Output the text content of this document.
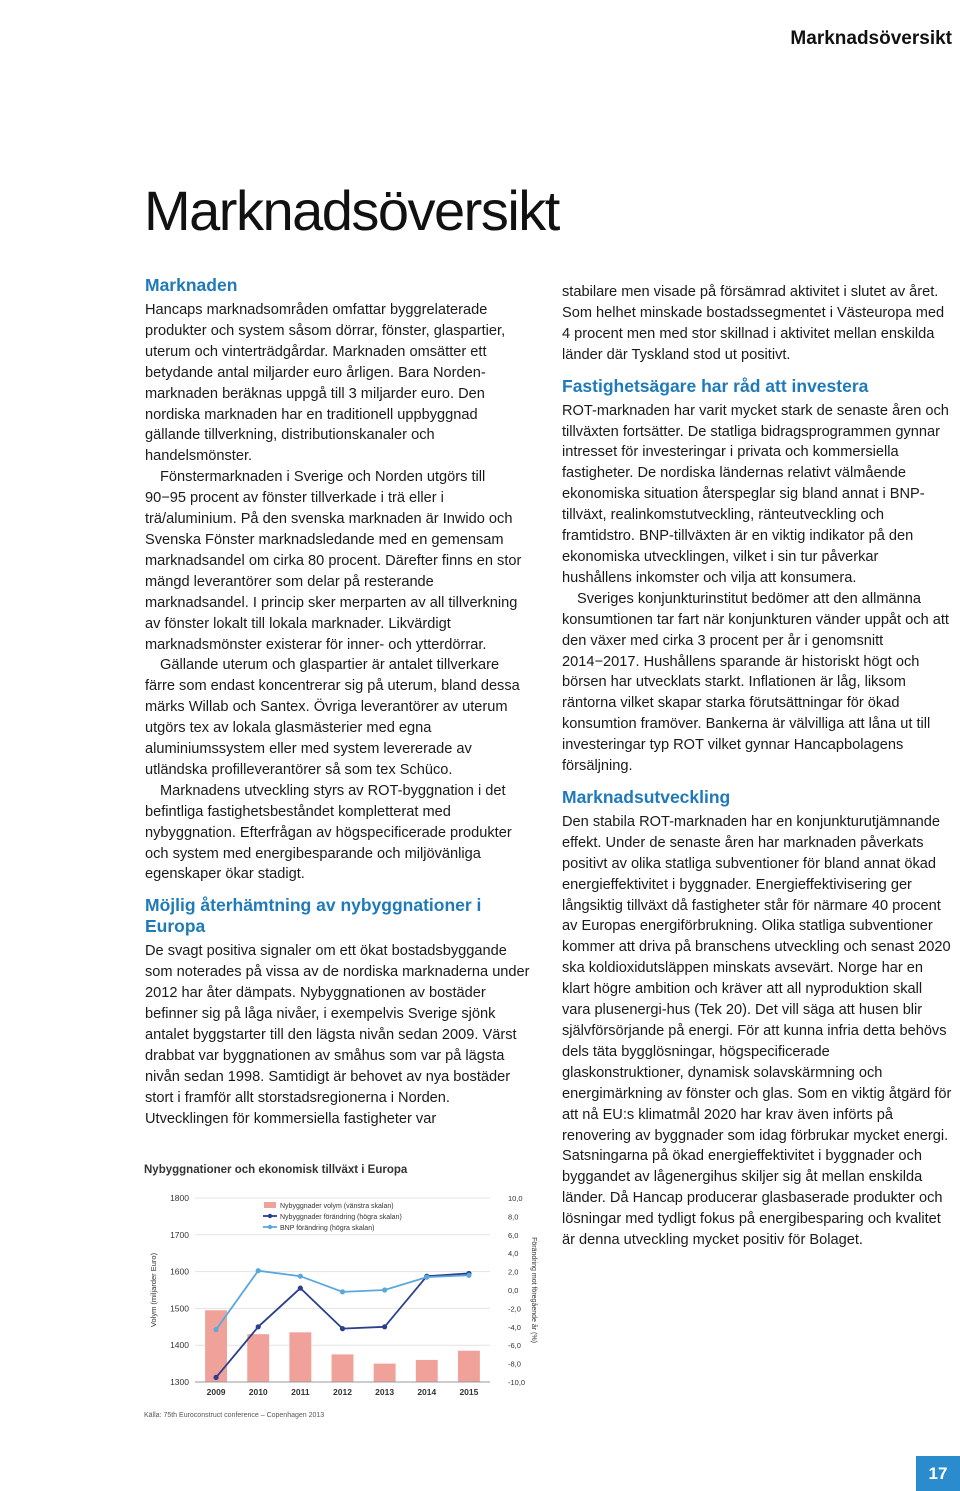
Marknadsöversikt
Marknadsöversikt
Marknaden

Hancaps marknadsområden omfattar byggrelaterade produkter och system såsom dörrar, fönster, glaspartier, uterum och vinterträdgårdar. Marknaden omsätter ett betydande antal miljarder euro årligen. Bara Norden-marknaden beräknas uppgå till 3 miljarder euro. Den nordiska marknaden har en traditionell uppbyggnad gällande tillverkning, distributionskanaler och handelsmönster.

Fönstermarknaden i Sverige och Norden utgörs till 90−95 procent av fönster tillverkade i trä eller i trä/aluminium. På den svenska marknaden är Inwido och Svenska Fönster marknadsledande med en gemensam marknadsandel om cirka 80 procent. Därefter finns en stor mängd leverantörer som delar på resterande marknadsandel. I princip sker merparten av all tillverkning av fönster lokalt till lokala marknader. Likvärdigt marknadsmönster existerar för inner- och ytterdörrar.

Gällande uterum och glaspartier är antalet tillverkare färre som endast koncentrerar sig på uterum, bland dessa märks Willab och Santex. Övriga leverantörer av uterum utgörs tex av lokala glasmästerier med egna aluminiumssystem eller med system levererade av utländska profilleverantörer så som tex Schüco.

Marknadens utveckling styrs av ROT-byggnation i det befintliga fastighetsbeståndet kompletterat med nybyggnation. Efterfrågan av högspecificerade produkter och system med energibesparande och miljövänliga egenskaper ökar stadigt.

Möjlig återhämtning av nybyggnationer i Europa

De svagt positiva signaler om ett ökat bostadsbyggande som noterades på vissa av de nordiska marknaderna under 2012 har åter dämpats. Nybyggnationen av bostäder befinner sig på låga nivåer, i exempelvis Sverige sjönk antalet byggstarter till den lägsta nivån sedan 2009. Värst drabbat var byggnationen av småhus som var på lägsta nivån sedan 1998. Samtidigt är behovet av nya bostäder stort i framför allt storstadsregionerna i Norden. Utvecklingen för kommersiella fastigheter var

stabilare men visade på försämrad aktivitet i slutet av året. Som helhet minskade bostadssegmentet i Västeuropa med 4 procent men med stor skillnad i aktivitet mellan enskilda länder där Tyskland stod ut positivt.

Fastighetsägare har råd att investera

ROT-marknaden har varit mycket stark de senaste åren och tillväxten fortsätter. De statliga bidragsprogrammen gynnar intresset för investeringar i privata och kommersiella fastigheter. De nordiska ländernas relativt välmående ekonomiska situation återspeglar sig bland annat i BNP-tillväxt, realinkomstutveckling, ränteutveckling och framtidstro. BNP-tillväxten är en viktig indikator på den ekonomiska utvecklingen, vilket i sin tur påverkar hushållens inkomster och vilja att konsumera.

Sveriges konjunkturinstitut bedömer att den allmänna konsumtionen tar fart när konjunkturen vänder uppåt och att den växer med cirka 3 procent per år i genomsnitt 2014−2017. Hushållens sparande är historiskt högt och börsen har utvecklats starkt. Inflationen är låg, liksom räntorna vilket skapar starka förutsättningar för ökad konsumtion framöver. Bankerna är välvilliga att låna ut till investeringar typ ROT vilket gynnar Hancapbolagens försäljning.

Marknadsutveckling

Den stabila ROT-marknaden har en konjunkturutjämnande effekt. Under de senaste åren har marknaden påverkats positivt av olika statliga subventioner för bland annat ökad energieffektivitet i byggnader. Energieffektivisering ger långsiktig tillväxt då fastigheter står för närmare 40 procent av Europas energiförbrukning. Olika statliga subventioner kommer att driva på branschens utveckling och senast 2020 ska koldioxidutsläppen minskats avsevärt. Norge har en klart högre ambition och kräver att all nyproduktion skall vara plusenergi-hus (Tek 20). Det vill säga att husen blir självförsörjande på energi. För att kunna infria detta behövs dels täta bygglösningar, högspecificerade glaskonstruktioner, dynamisk solavskärmning och energimärkning av fönster och glas. Som en viktig åtgärd för att nå EU:s klimatmål 2020 har krav även införts på renovering av byggnader som idag förbrukar mycket energi. Satsningarna på ökad energieffektivitet i byggnader och byggandet av lågenergihus skiljer sig åt mellan enskilda länder. Då Hancap producerar glasbaserade produkter och lösningar med tydligt fokus på energibesparing och kvalitet är denna utveckling mycket positiv för Bolaget.

Nybyggnationer och ekonomisk tillväxt i Europa
1800
1700
1600
1500
1400
1300
10,0
8,0
6,0
4,0
2,0
0,0
-2,0
-4,0
-6,0
-8,0
-10,0
2009	2010	2011	2012	2013	2014	2015
Volym (miljarder Euro)	Förändring mot föregående år (%)
Nybyggnader volym (vänstra skalan)
Nybyggnader förändring (högra skalan)
BNP förändring (högra skalan)
Källa: 75th Euroconstruct conference – Copenhagen 2013
17
